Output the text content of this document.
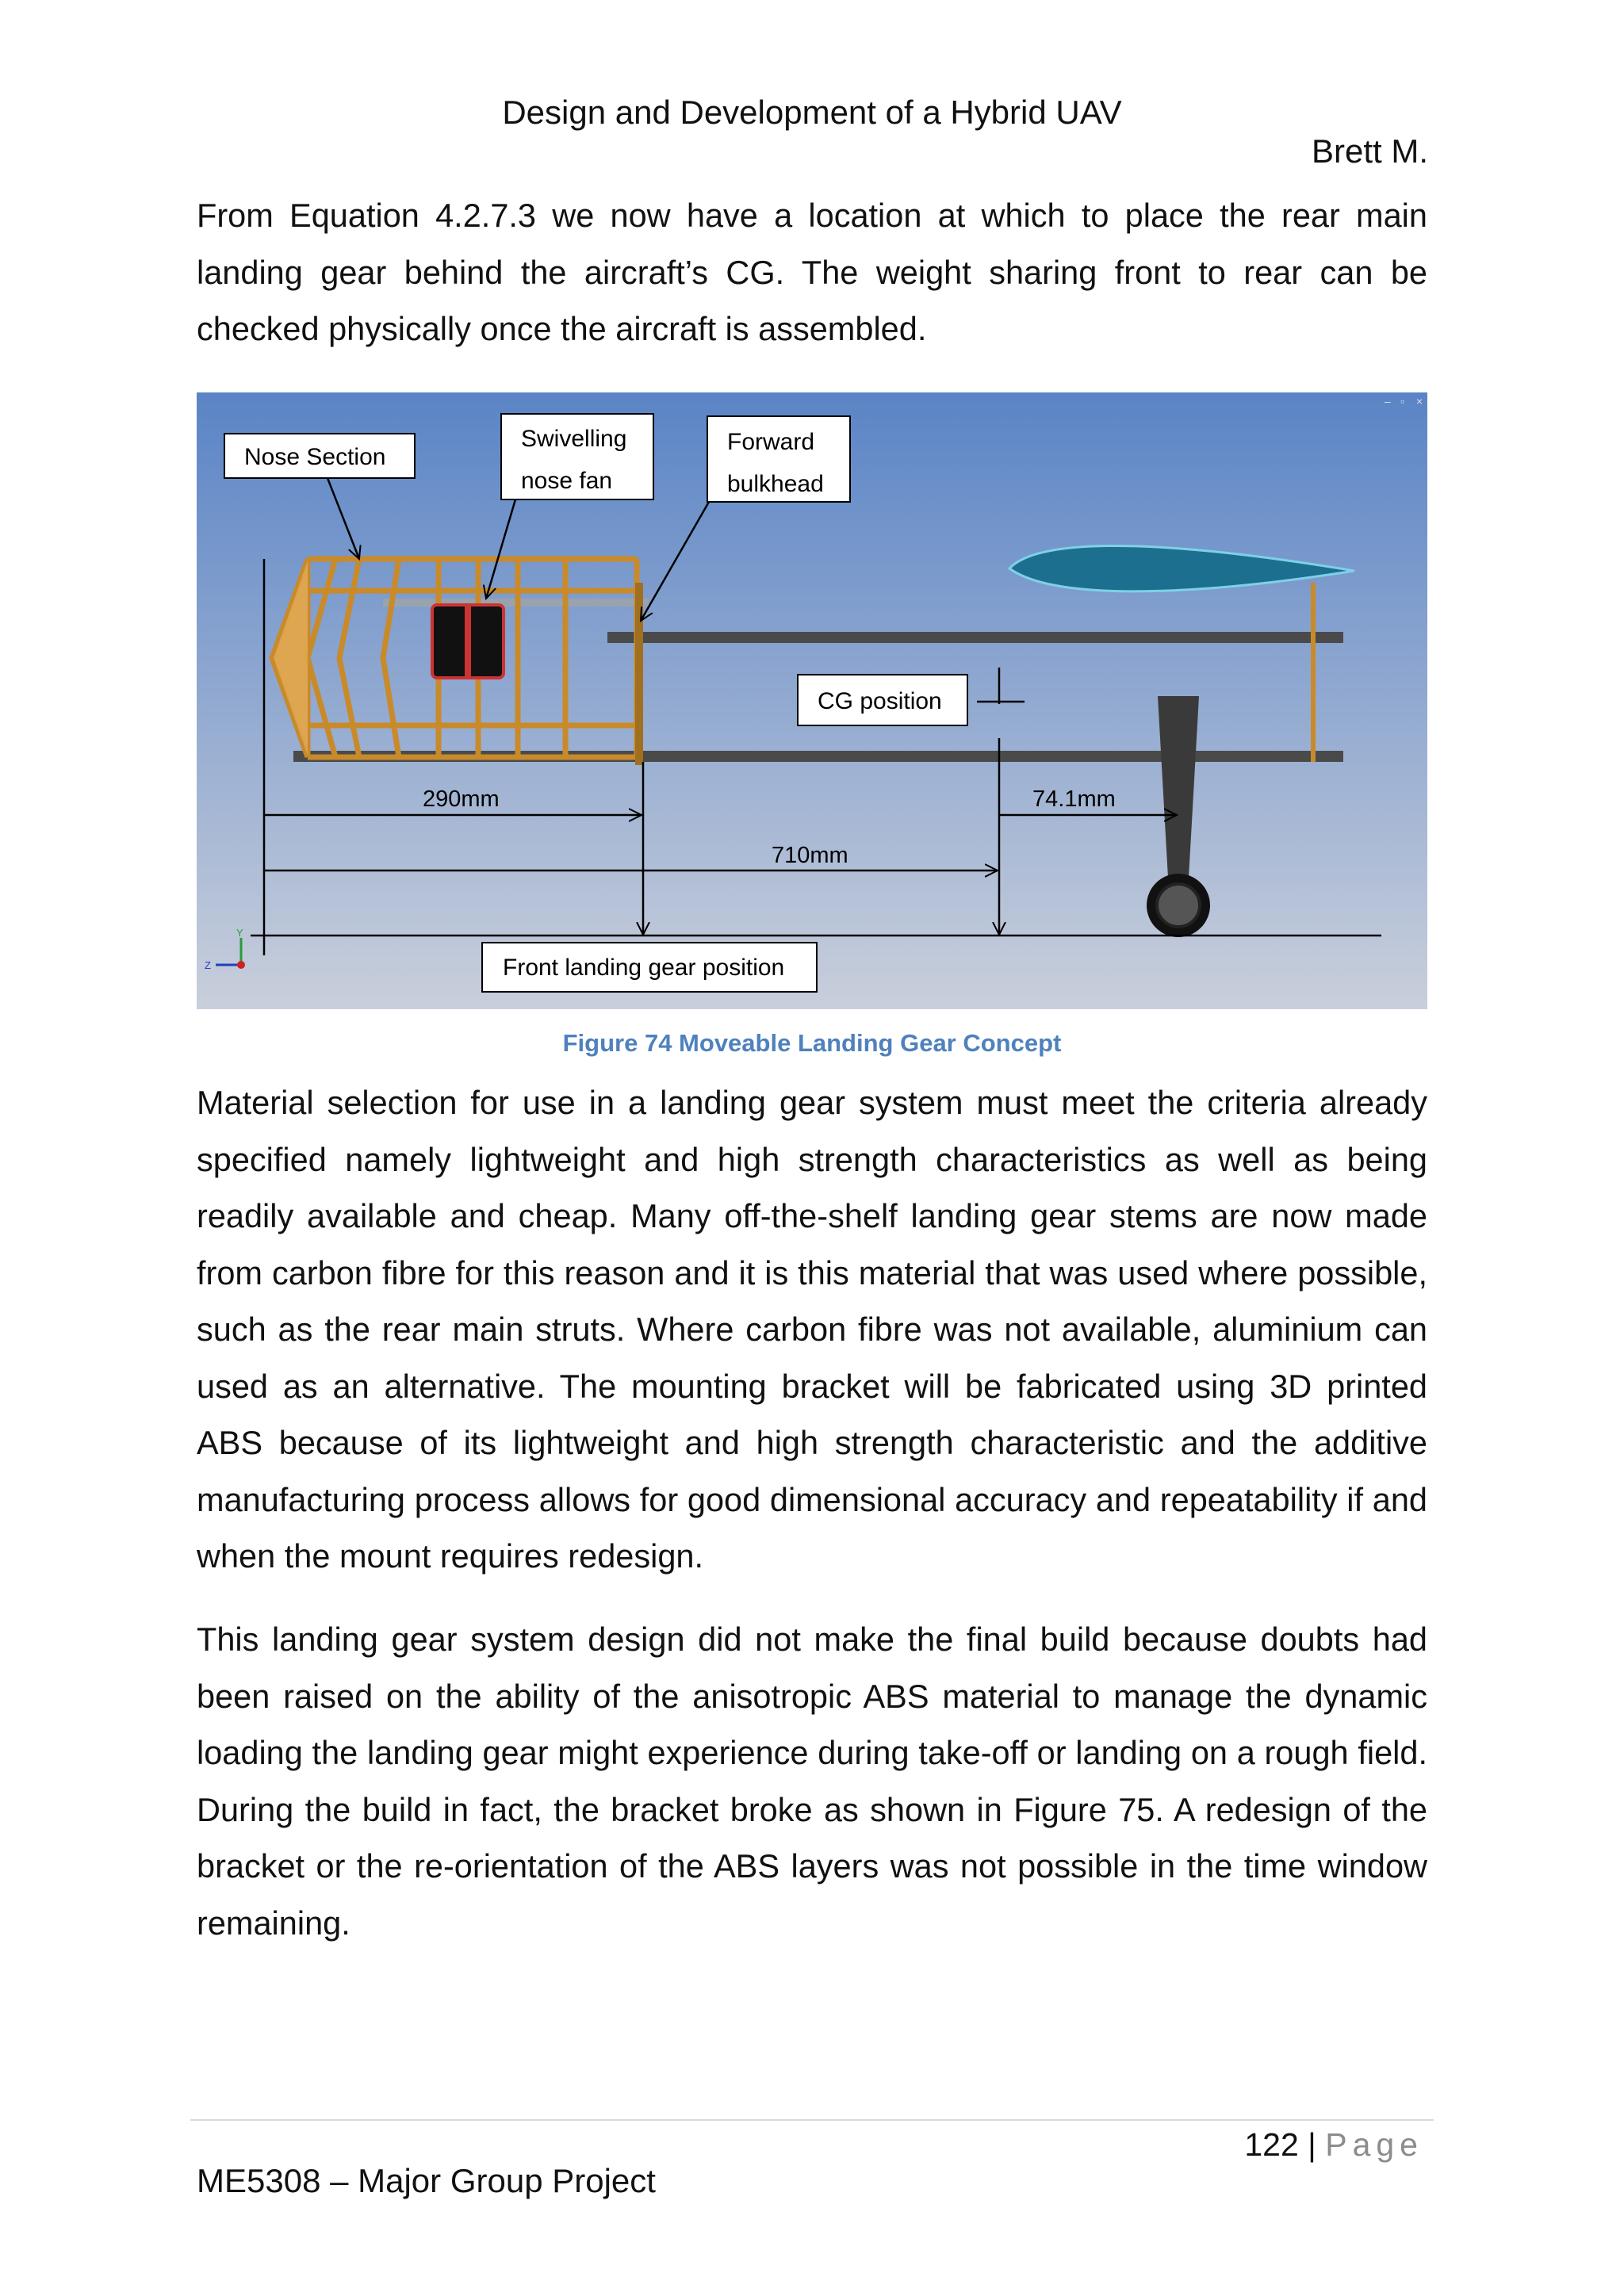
Design and Development of a Hybrid UAV
Brett M.

From Equation 4.2.7.3 we now have a location at which to place the rear main landing gear behind the aircraft’s CG. The weight sharing front to rear can be checked physically once the aircraft is assembled.

– ▫ ×
290mm
710mm
74.1mm
Nose Section
Swivelling
nose fan
Forward
bulkhead
CG position
Front landing gear position
Y
Z
Figure 74 Moveable Landing Gear Concept

Material selection for use in a landing gear system must meet the criteria already specified namely lightweight and high strength characteristics as well as being readily available and cheap. Many off-the-shelf landing gear stems are now made from carbon fibre for this reason and it is this material that was used where possible, such as the rear main struts. Where carbon fibre was not available, aluminium can used as an alternative. The mounting bracket will be fabricated using 3D printed ABS because of its lightweight and high strength characteristic and the additive manufacturing process allows for good dimensional accuracy and repeatability if and when the mount requires redesign.

This landing gear system design did not make the final build because doubts had been raised on the ability of the anisotropic ABS material to manage the dynamic loading the landing gear might experience during take-off or landing on a rough field. During the build in fact, the bracket broke as shown in Figure 75. A redesign of the bracket or the re-orientation of the ABS layers was not possible in the time window remaining.

122 | Page
ME5308 – Major Group Project
